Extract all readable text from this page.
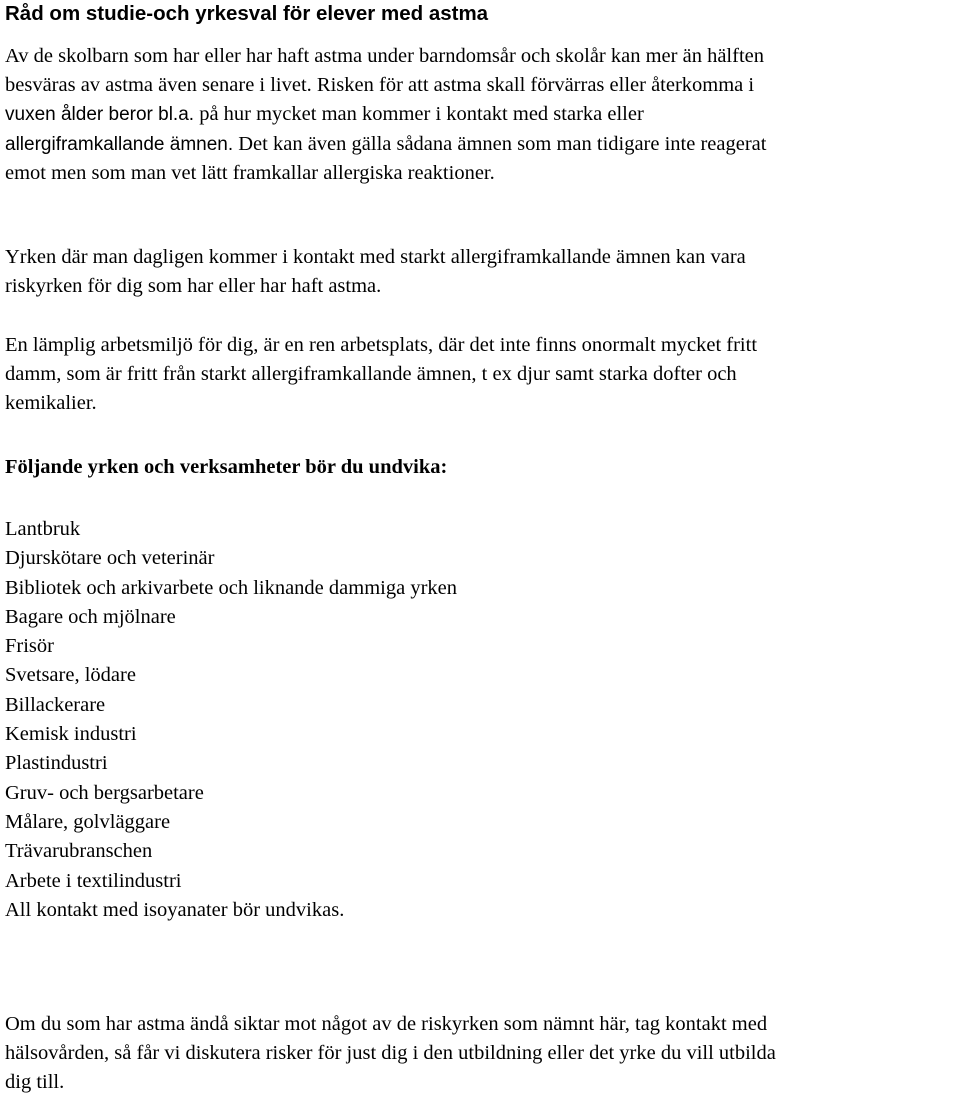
Råd om studie-och yrkesval för elever med astma

Av de skolbarn som har eller har haft astma under barndomsår och skolår kan mer än hälften
besväras av astma även senare i livet. Risken för att astma skall förvärras eller återkomma i
vuxen ålder beror bl.a. på hur mycket man kommer i kontakt med starka eller
allergiframkallande ämnen. Det kan även gälla sådana ämnen som man tidigare inte reagerat
emot men som man vet lätt framkallar allergiska reaktioner.

Yrken där man dagligen kommer i kontakt med starkt allergiframkallande ämnen kan vara
riskyrken för dig som har eller har haft astma.

En lämplig arbetsmiljö för dig, är en ren arbetsplats, där det inte finns onormalt mycket fritt
damm, som är fritt från starkt allergiframkallande ämnen, t ex djur samt starka dofter och
kemikalier.

Följande yrken och verksamheter bör du undvika:
Lantbruk
Djurskötare och veterinär
Bibliotek och arkivarbete och liknande dammiga yrken
Bagare och mjölnare
Frisör
Svetsare, lödare
Billackerare
Kemisk industri
Plastindustri
Gruv- och bergsarbetare
Målare, golvläggare
Trävarubranschen
Arbete i textilindustri
All kontakt med isoyanater bör undvikas.

Om du som har astma ändå siktar mot något av de riskyrken som nämnt här, tag kontakt med
hälsovården, så får vi diskutera risker för just dig i den utbildning eller det yrke du vill utbilda
dig till.
